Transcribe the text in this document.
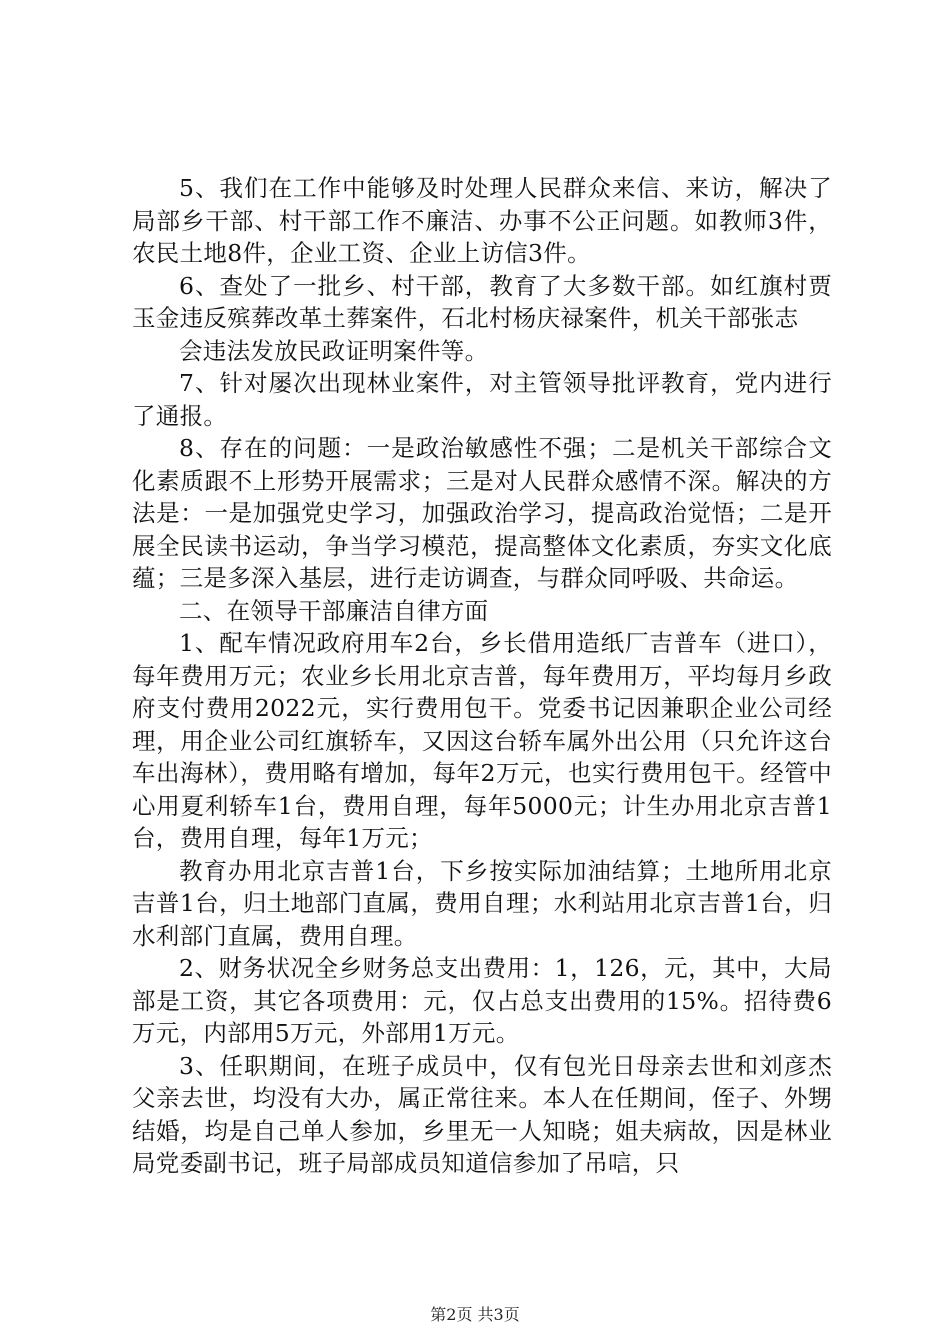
5、我们在工作中能够及时处理人民群众来信、来访，解决了局部乡干部、村干部工作不廉洁、办事不公正问题。如教师3件，农民土地8件，企业工资、企业上访信3件。

6、查处了一批乡、村干部，教育了大多数干部。如红旗村贾玉金违反殡葬改革土葬案件，石北村杨庆禄案件，机关干部张志

会违法发放民政证明案件等。

7、针对屡次出现林业案件，对主管领导批评教育，党内进行了通报。

8、存在的问题：一是政治敏感性不强；二是机关干部综合文化素质跟不上形势开展需求；三是对人民群众感情不深。解决的方法是：一是加强党史学习，加强政治学习，提高政治觉悟；二是开展全民读书运动，争当学习模范，提高整体文化素质，夯实文化底蕴；三是多深入基层，进行走访调查，与群众同呼吸、共命运。

二、在领导干部廉洁自律方面

1、配车情况政府用车2台，乡长借用造纸厂吉普车（进口），每年费用万元；农业乡长用北京吉普，每年费用万，平均每月乡政府支付费用2022元，实行费用包干。党委书记因兼职企业公司经理，用企业公司红旗轿车，又因这台轿车属外出公用（只允许这台车出海林），费用略有增加，每年2万元，也实行费用包干。经管中心用夏利轿车1台，费用自理，每年5000元；计生办用北京吉普1台，费用自理，每年1万元；

教育办用北京吉普1台，下乡按实际加油结算；土地所用北京吉普1台，归土地部门直属，费用自理；水利站用北京吉普1台，归水利部门直属，费用自理。

2、财务状况全乡财务总支出费用：1，126，元，其中，大局部是工资，其它各项费用：元，仅占总支出费用的15%。招待费6万元，内部用5万元，外部用1万元。

3、任职期间，在班子成员中，仅有包光日母亲去世和刘彦杰父亲去世，均没有大办，属正常往来。本人在任期间，侄子、外甥结婚，均是自己单人参加，乡里无一人知晓；姐夫病故，因是林业局党委副书记，班子局部成员知道信参加了吊唁，只

第2页 共3页
